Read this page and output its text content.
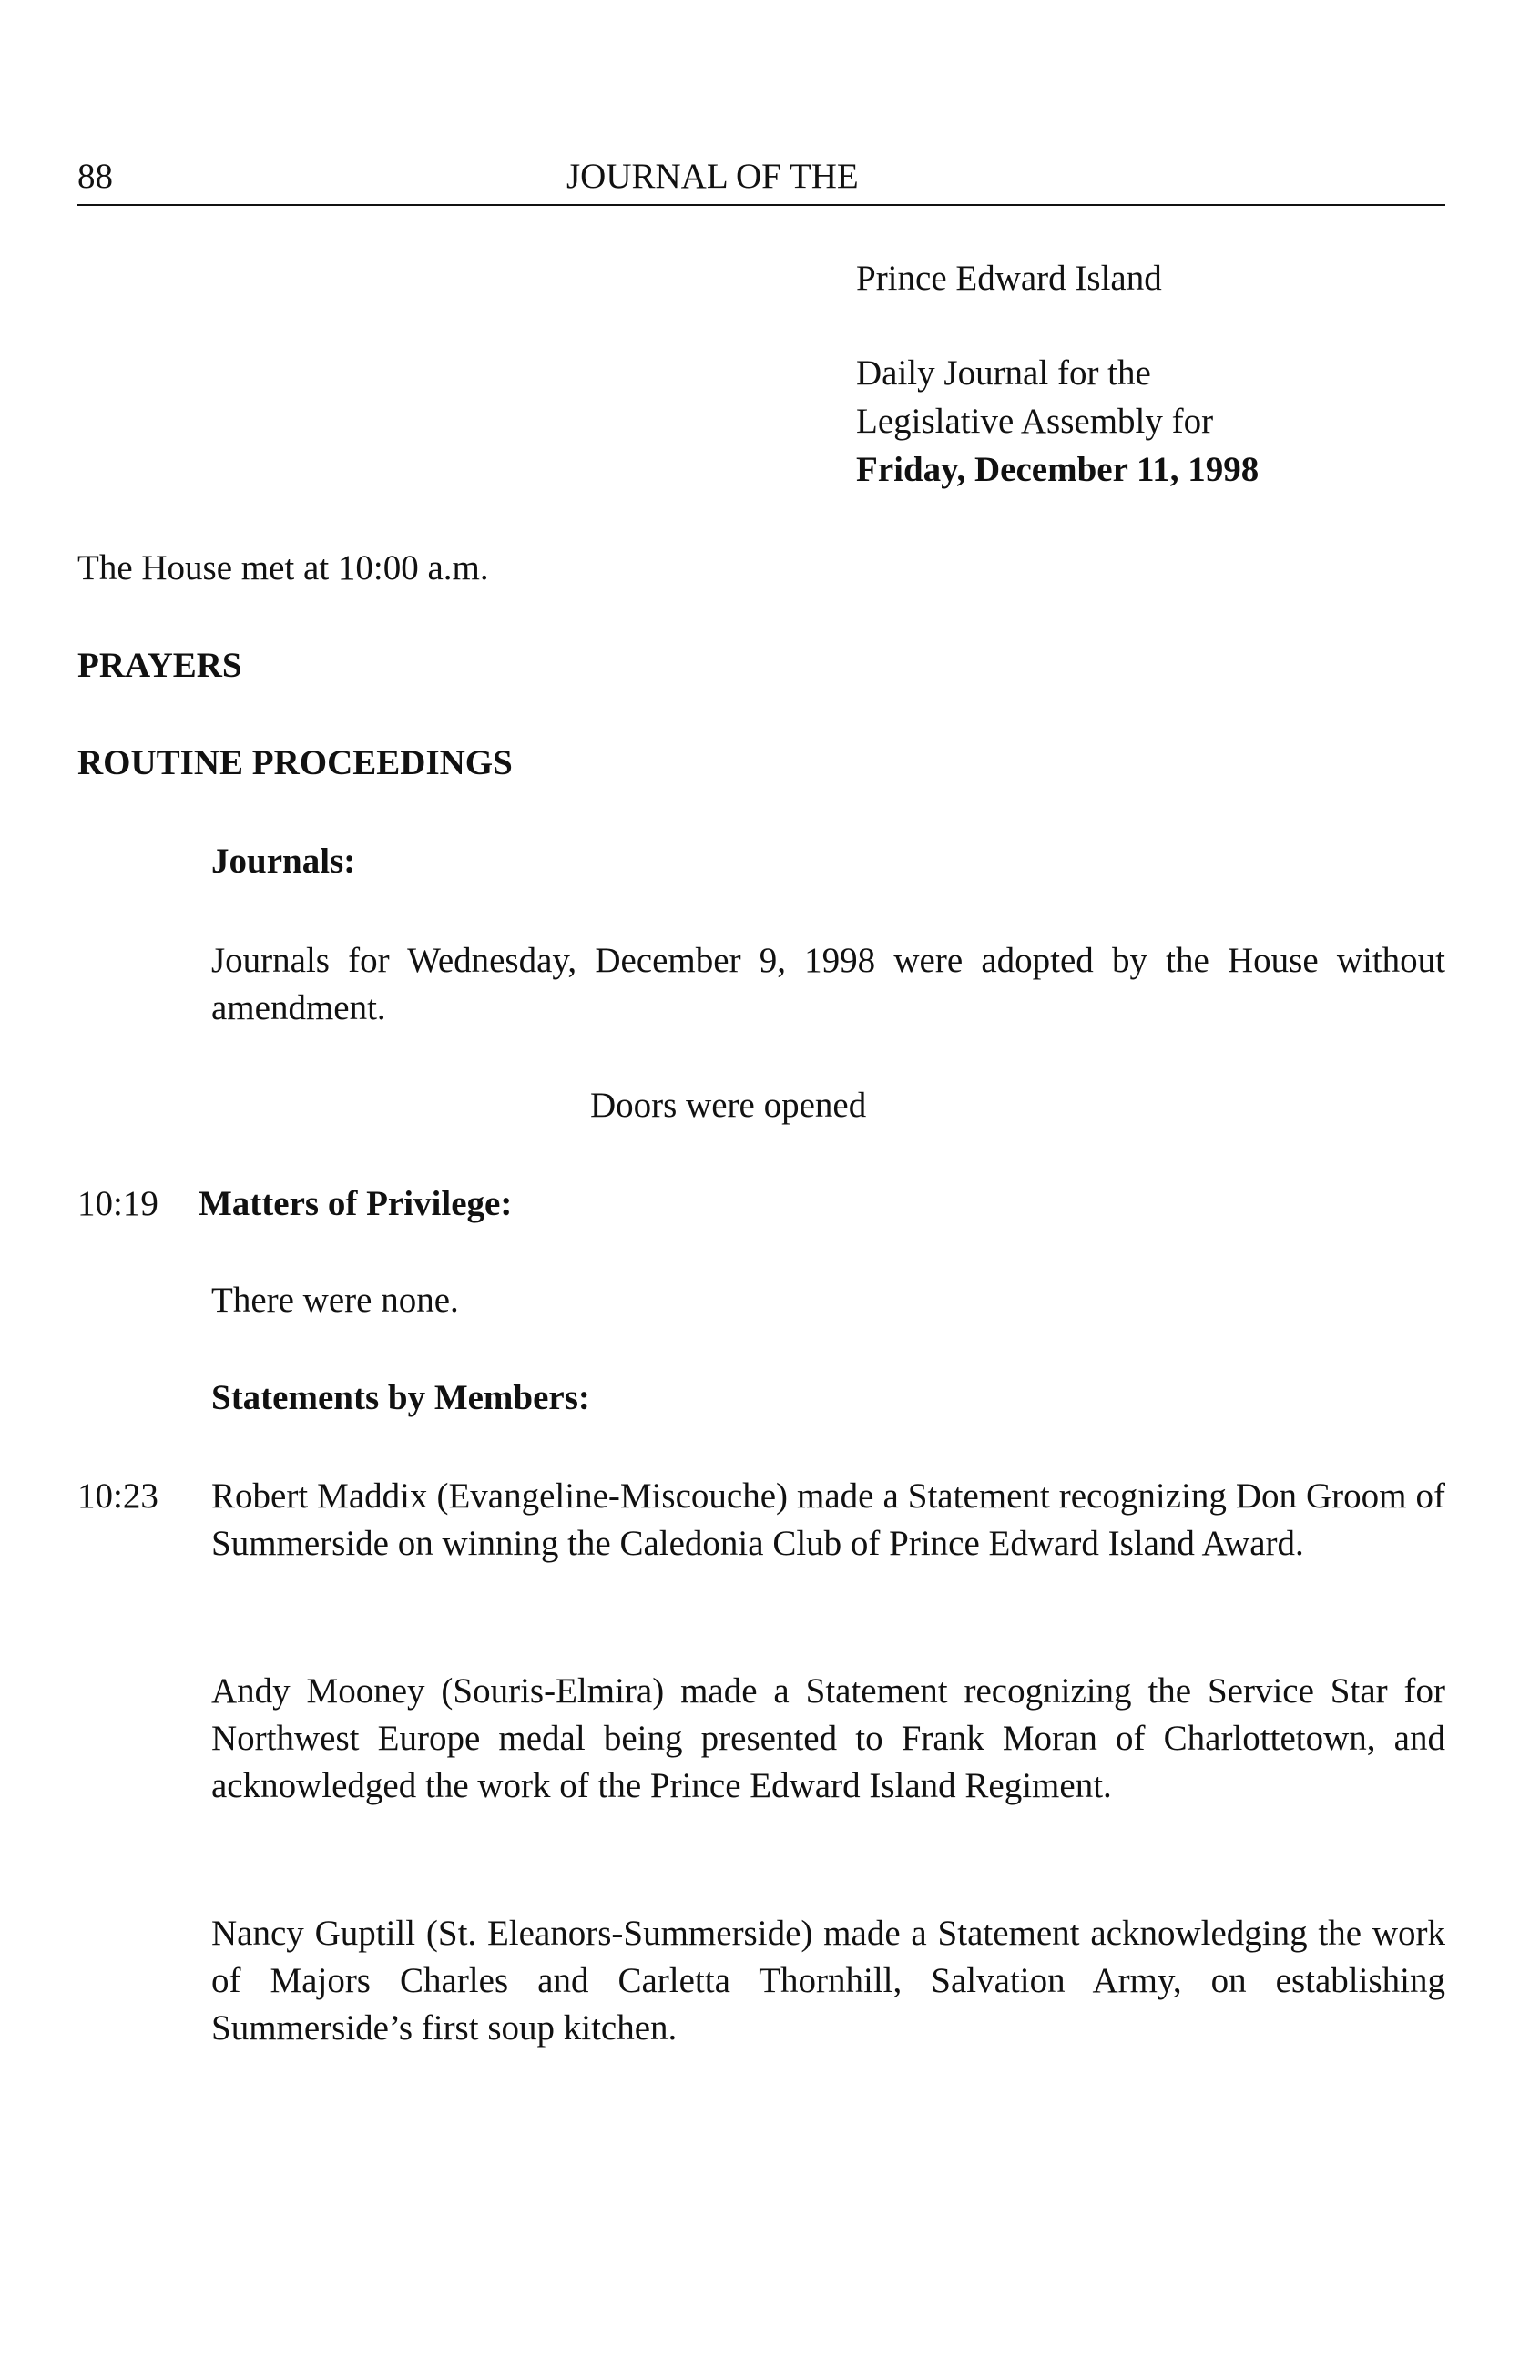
88	JOURNAL OF THE
Prince Edward Island
Daily Journal for the
Legislative Assembly for
Friday, December 11, 1998
The House met at 10:00 a.m.
PRAYERS
ROUTINE PROCEEDINGS
Journals:
Journals for Wednesday, December 9, 1998 were adopted by the House without amendment.
Doors were opened
10:19 Matters of Privilege:
There were none.
Statements by Members:
10:23 Robert Maddix (Evangeline-Miscouche) made a Statement recognizing Don Groom of Summerside on winning the Caledonia Club of Prince Edward Island Award.
Andy Mooney (Souris-Elmira) made a Statement recognizing the Service Star for Northwest Europe medal being presented to Frank Moran of Charlottetown, and acknowledged the work of the Prince Edward Island Regiment.
Nancy Guptill (St. Eleanors-Summerside) made a Statement acknowledging the work of Majors Charles and Carletta Thornhill, Salvation Army, on establishing Summerside’s first soup kitchen.
